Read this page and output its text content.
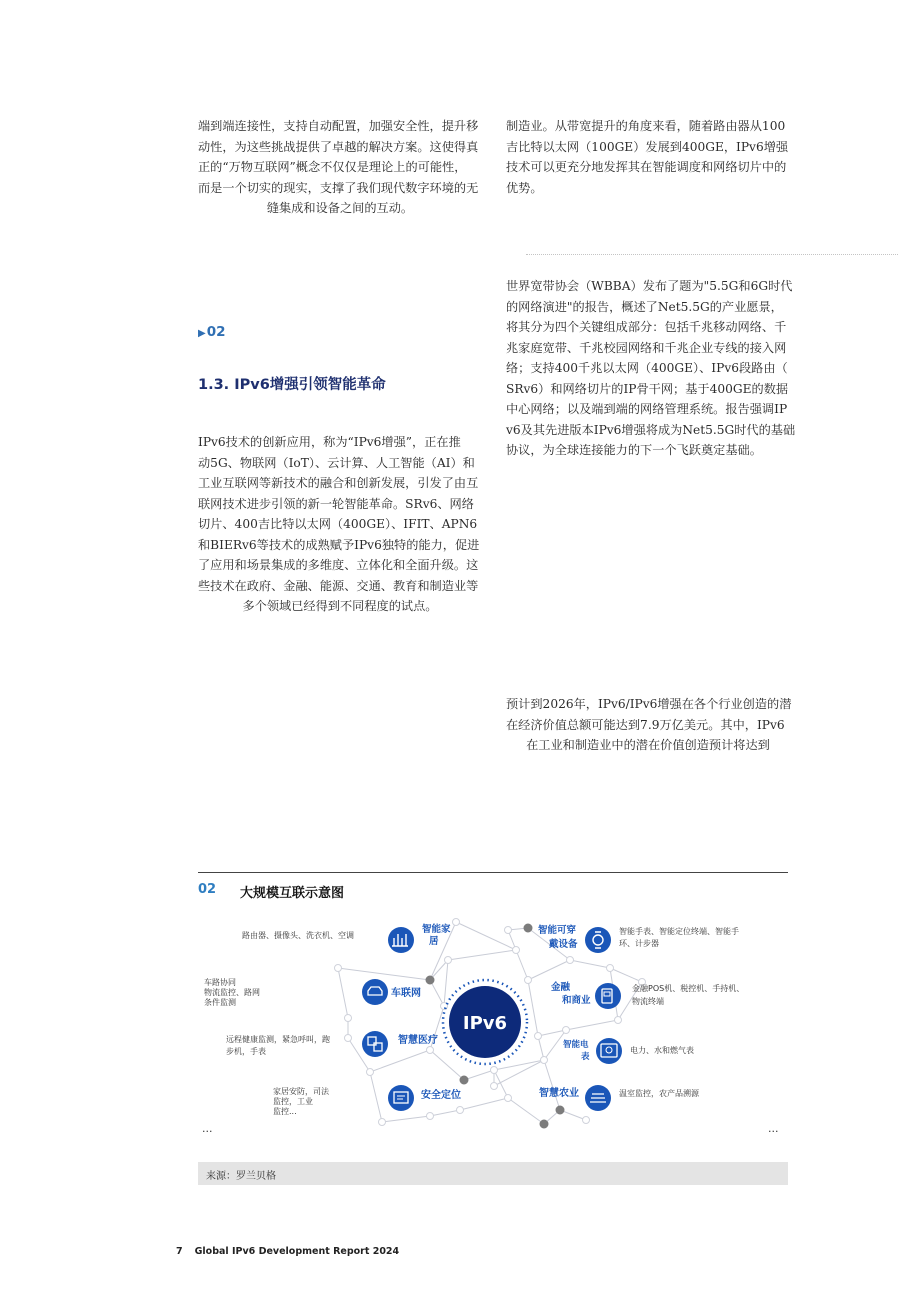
端到端连接性，支持自动配置，加强安全性，提升移
动性，为这些挑战提供了卓越的解决方案。这使得真
正的“万物互联网”概念不仅仅是理论上的可能性，
而是一个切实的现实，支撑了我们现代数字环境的无
缝集成和设备之间的互动。
▶02
1.3. IPv6增强引领智能革命
IPv6技术的创新应用，称为“IPv6增强”，正在推
动5G、物联网（IoT）、云计算、人工智能（AI）和
工业互联网等新技术的融合和创新发展，引发了由互
联网技术进步引领的新一轮智能革命。SRv6、网络
切片、400吉比特以太网（400GE）、IFIT、APN6
和BIERv6等技术的成熟赋予IPv6独特的能力，促进
了应用和场景集成的多维度、立体化和全面升级。这
些技术在政府、金融、能源、交通、教育和制造业等
多个领域已经得到不同程度的试点。
制造业。从带宽提升的角度来看，随着路由器从100
吉比特以太网（100GE）发展到400GE，IPv6增强
技术可以更充分地发挥其在智能调度和网络切片中的
优势。
世界宽带协会（WBBA）发布了题为"5.5G和6G时代
的网络演进"的报告，概述了Net5.5G的产业愿景，
将其分为四个关键组成部分：包括千兆移动网络、千
兆家庭宽带、千兆校园网络和千兆企业专线的接入网
络；支持400千兆以太网（400GE）、IPv6段路由（
SRv6）和网络切片的IP骨干网；基于400GE的数据
中心网络；以及端到端的网络管理系统。报告强调IP
v6及其先进版本IPv6增强将成为Net5.5G时代的基础
协议，为全球连接能力的下一个飞跃奠定基础。
预计到2026年，IPv6/IPv6增强在各个行业创造的潜
在经济价值总额可能达到7.9万亿美元。其中，IPv6
在工业和制造业中的潜在价值创造预计将达到
02 大规模互联示意图
IPv6
智能家
居
路由器、摄像头、洗衣机、空调
车联网
车路协同
物流监控、路网
条件监测
智慧医疗
远程健康监测，紧急呼叫，跑
步机，手表
安全定位
家居安防，司法
监控，工业
监控...
智能可穿
戴设备
智能手表、智能定位终端、智能手
环、计步器
金融
和商业
金融POS机、税控机、手持机、
物流终端
智能电
表
电力、水和燃气表
智慧农业	温室监控，农产品溯源
...	...
来源：罗兰贝格
7 Global IPv6 Development Report 2024
